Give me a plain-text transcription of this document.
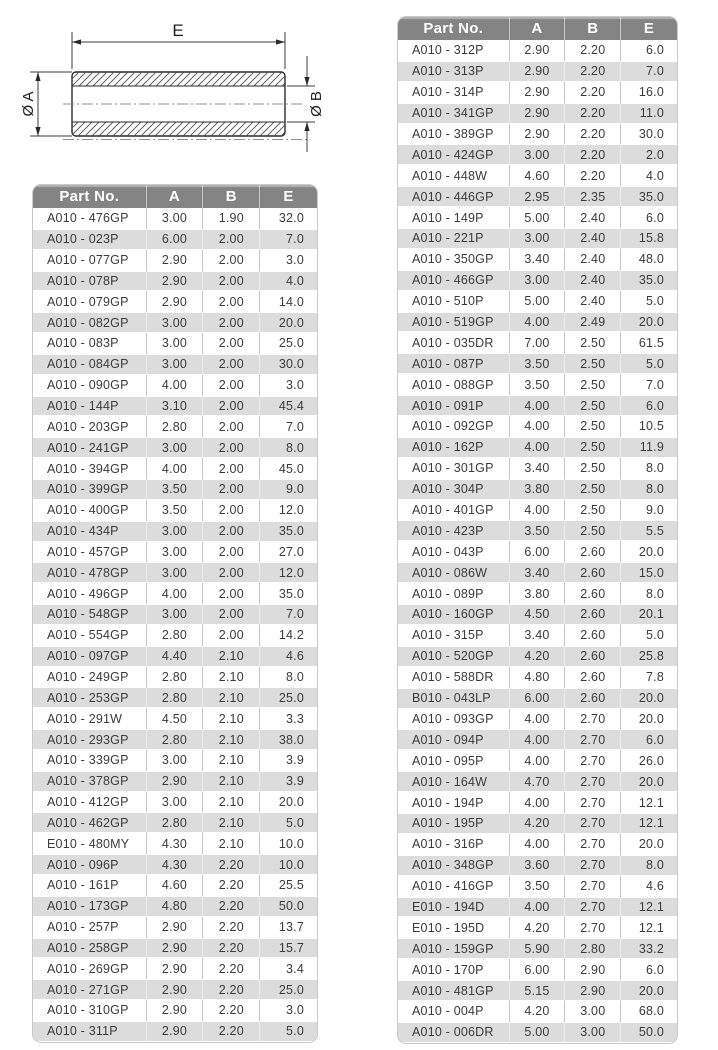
E
Ø A	Ø B
Part No.	A	B	E
A010 - 476GP	3.00	1.90	32.0
A010 - 023P	6.00	2.00	7.0
A010 - 077GP	2.90	2.00	3.0
A010 - 078P	2.90	2.00	4.0
A010 - 079GP	2.90	2.00	14.0
A010 - 082GP	3.00	2.00	20.0
A010 - 083P	3.00	2.00	25.0
A010 - 084GP	3.00	2.00	30.0
A010 - 090GP	4.00	2.00	3.0
A010 - 144P	3.10	2.00	45.4
A010 - 203GP	2.80	2.00	7.0
A010 - 241GP	3.00	2.00	8.0
A010 - 394GP	4.00	2.00	45.0
A010 - 399GP	3.50	2.00	9.0
A010 - 400GP	3.50	2.00	12.0
A010 - 434P	3.00	2.00	35.0
A010 - 457GP	3.00	2.00	27.0
A010 - 478GP	3.00	2.00	12.0
A010 - 496GP	4.00	2.00	35.0
A010 - 548GP	3.00	2.00	7.0
A010 - 554GP	2.80	2.00	14.2
A010 - 097GP	4.40	2.10	4.6
A010 - 249GP	2.80	2.10	8.0
A010 - 253GP	2.80	2.10	25.0
A010 - 291W	4.50	2.10	3.3
A010 - 293GP	2.80	2.10	38.0
A010 - 339GP	3.00	2.10	3.9
A010 - 378GP	2.90	2.10	3.9
A010 - 412GP	3.00	2.10	20.0
A010 - 462GP	2.80	2.10	5.0
E010 - 480MY	4.30	2.10	10.0
A010 - 096P	4.30	2.20	10.0
A010 - 161P	4.60	2.20	25.5
A010 - 173GP	4.80	2.20	50.0
A010 - 257P	2.90	2.20	13.7
A010 - 258GP	2.90	2.20	15.7
A010 - 269GP	2.90	2.20	3.4
A010 - 271GP	2.90	2.20	25.0
A010 - 310GP	2.90	2.20	3.0
A010 - 311P	2.90	2.20	5.0
Part No.	A	B	E
A010 - 312P	2.90	2.20	6.0
A010 - 313P	2.90	2.20	7.0
A010 - 314P	2.90	2.20	16.0
A010 - 341GP	2.90	2.20	11.0
A010 - 389GP	2.90	2.20	30.0
A010 - 424GP	3.00	2.20	2.0
A010 - 448W	4.60	2.20	4.0
A010 - 446GP	2.95	2.35	35.0
A010 - 149P	5.00	2.40	6.0
A010 - 221P	3.00	2.40	15.8
A010 - 350GP	3.40	2.40	48.0
A010 - 466GP	3.00	2.40	35.0
A010 - 510P	5.00	2.40	5.0
A010 - 519GP	4.00	2.49	20.0
A010 - 035DR	7.00	2.50	61.5
A010 - 087P	3.50	2.50	5.0
A010 - 088GP	3.50	2.50	7.0
A010 - 091P	4.00	2.50	6.0
A010 - 092GP	4.00	2.50	10.5
A010 - 162P	4.00	2.50	11.9
A010 - 301GP	3.40	2.50	8.0
A010 - 304P	3.80	2.50	8.0
A010 - 401GP	4.00	2.50	9.0
A010 - 423P	3.50	2.50	5.5
A010 - 043P	6.00	2.60	20.0
A010 - 086W	3.40	2.60	15.0
A010 - 089P	3.80	2.60	8.0
A010 - 160GP	4.50	2.60	20.1
A010 - 315P	3.40	2.60	5.0
A010 - 520GP	4.20	2.60	25.8
A010 - 588DR	4.80	2.60	7.8
B010 - 043LP	6.00	2.60	20.0
A010 - 093GP	4.00	2.70	20.0
A010 - 094P	4.00	2.70	6.0
A010 - 095P	4.00	2.70	26.0
A010 - 164W	4.70	2.70	20.0
A010 - 194P	4.00	2.70	12.1
A010 - 195P	4.20	2.70	12.1
A010 - 316P	4.00	2.70	20.0
A010 - 348GP	3.60	2.70	8.0
A010 - 416GP	3.50	2.70	4.6
E010 - 194D	4.00	2.70	12.1
E010 - 195D	4.20	2.70	12.1
A010 - 159GP	5.90	2.80	33.2
A010 - 170P	6.00	2.90	6.0
A010 - 481GP	5.15	2.90	20.0
A010 - 004P	4.20	3.00	68.0
A010 - 006DR	5.00	3.00	50.0
